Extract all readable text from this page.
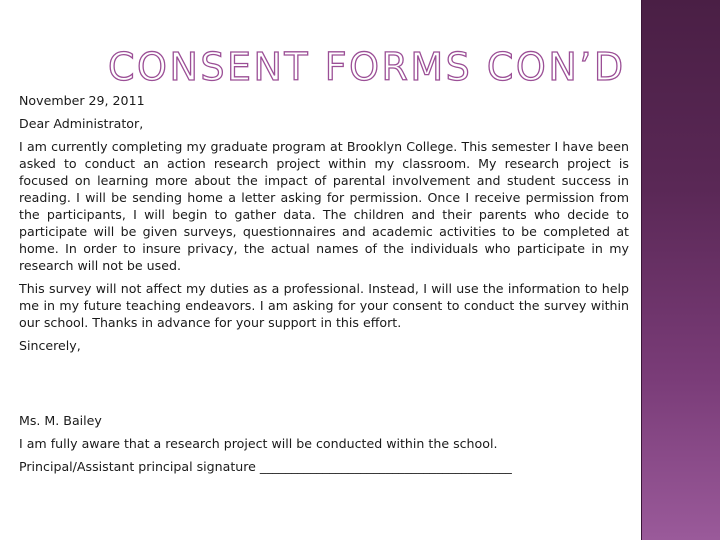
CONSENT FORMS CON’D

November 29, 2011

Dear Administrator,

I am currently completing my graduate program at Brooklyn College. This semester I have been asked to conduct an action research project within my classroom. My research project is focused on learning more about the impact of parental involvement and student success in reading. I will be sending home a letter asking for permission. Once I receive permission from the participants, I will begin to gather data. The children and their parents who decide to participate will be given surveys, questionnaires and academic activities to be completed at home. In order to insure privacy, the actual names of the individuals who participate in my research will not be used.

This survey will not affect my duties as a professional. Instead, I will use the information to help me in my future teaching endeavors. I am asking for your consent to conduct the survey within our school. Thanks in advance for your support in this effort.

Sincerely,

Ms. M. Bailey

I am fully aware that a research project will be conducted within the school.

Principal/Assistant principal signature ________________________________________
